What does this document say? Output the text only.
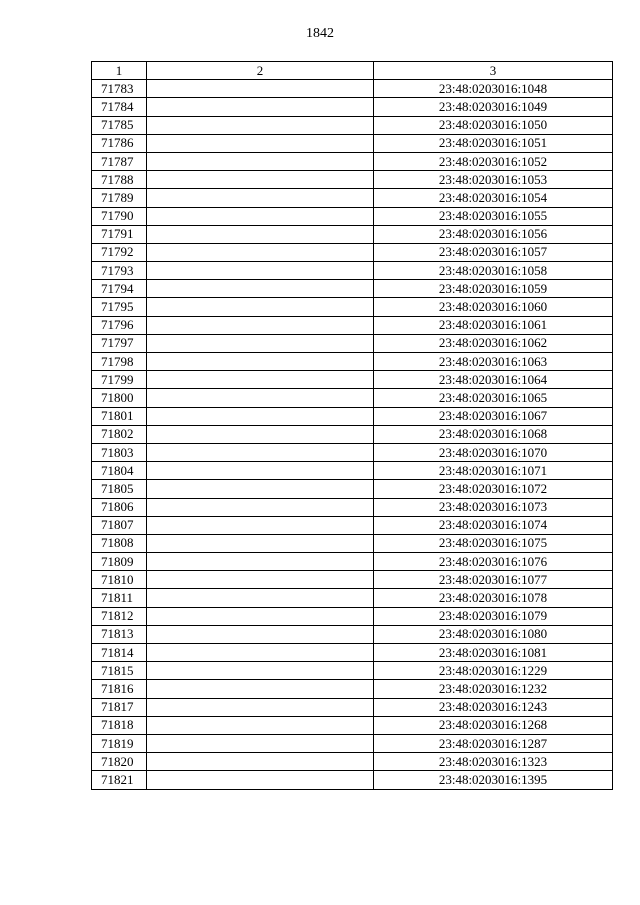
1842
1	2	3
71783		23:48:0203016:1048
71784		23:48:0203016:1049
71785		23:48:0203016:1050
71786		23:48:0203016:1051
71787		23:48:0203016:1052
71788		23:48:0203016:1053
71789		23:48:0203016:1054
71790		23:48:0203016:1055
71791		23:48:0203016:1056
71792		23:48:0203016:1057
71793		23:48:0203016:1058
71794		23:48:0203016:1059
71795		23:48:0203016:1060
71796		23:48:0203016:1061
71797		23:48:0203016:1062
71798		23:48:0203016:1063
71799		23:48:0203016:1064
71800		23:48:0203016:1065
71801		23:48:0203016:1067
71802		23:48:0203016:1068
71803		23:48:0203016:1070
71804		23:48:0203016:1071
71805		23:48:0203016:1072
71806		23:48:0203016:1073
71807		23:48:0203016:1074
71808		23:48:0203016:1075
71809		23:48:0203016:1076
71810		23:48:0203016:1077
71811		23:48:0203016:1078
71812		23:48:0203016:1079
71813		23:48:0203016:1080
71814		23:48:0203016:1081
71815		23:48:0203016:1229
71816		23:48:0203016:1232
71817		23:48:0203016:1243
71818		23:48:0203016:1268
71819		23:48:0203016:1287
71820		23:48:0203016:1323
71821		23:48:0203016:1395
